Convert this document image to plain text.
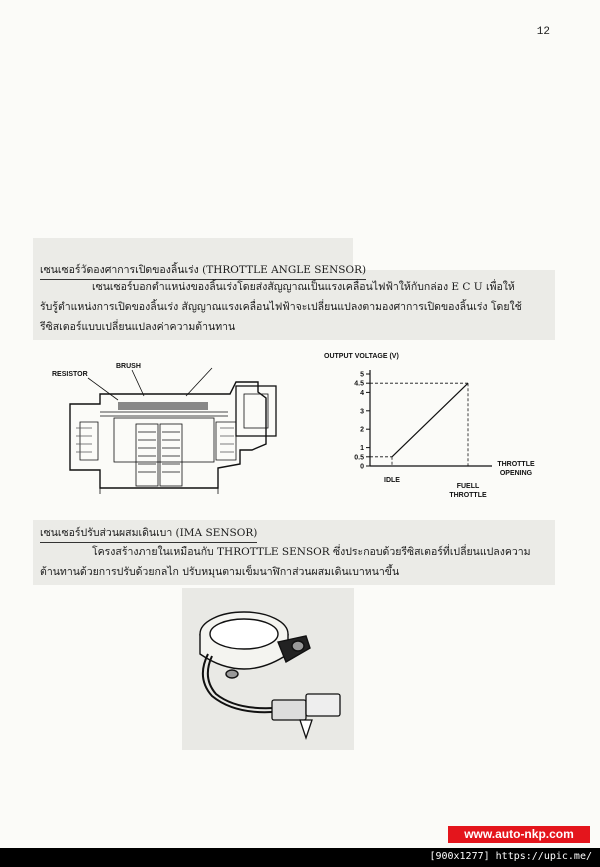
12
เซนเซอร์วัดองศาการเปิดของลิ้นเร่ง (THROTTLE ANGLE SENSOR)
เซนเซอร์บอกตำแหน่งของลิ้นเร่งโดยส่งสัญญาณเป็นแรงเคลื่อนไฟฟ้าให้กับกล่อง E C U เพื่อให้
รับรู้ตำแหน่งการเปิดของลิ้นเร่ง สัญญาณแรงเคลื่อนไฟฟ้าจะเปลี่ยนแปลงตามองศาการเปิดของลิ้นเร่ง โดยใช้
รีซิสเตอร์แบบเปลี่ยนแปลงค่าความต้านทาน
RESISTOR
BRUSH
OUTPUT VOLTAGE (V)
0
0.5
1
2
3
4
4.5
5
IDLE
FUELL
THROTTLE
THROTTLE
OPENING
เซนเซอร์ปรับส่วนผสมเดินเบา (IMA SENSOR)
โครงสร้างภายในเหมือนกับ THROTTLE SENSOR ซึ่งประกอบด้วยรีซิสเตอร์ที่เปลี่ยนแปลงความ
ต้านทานด้วยการปรับด้วยกลไก ปรับหมุนตามเข็มนาฬิกาส่วนผสมเดินเบาหนาขึ้น
www.auto-nkp.com
[900x1277] https://upic.me/
